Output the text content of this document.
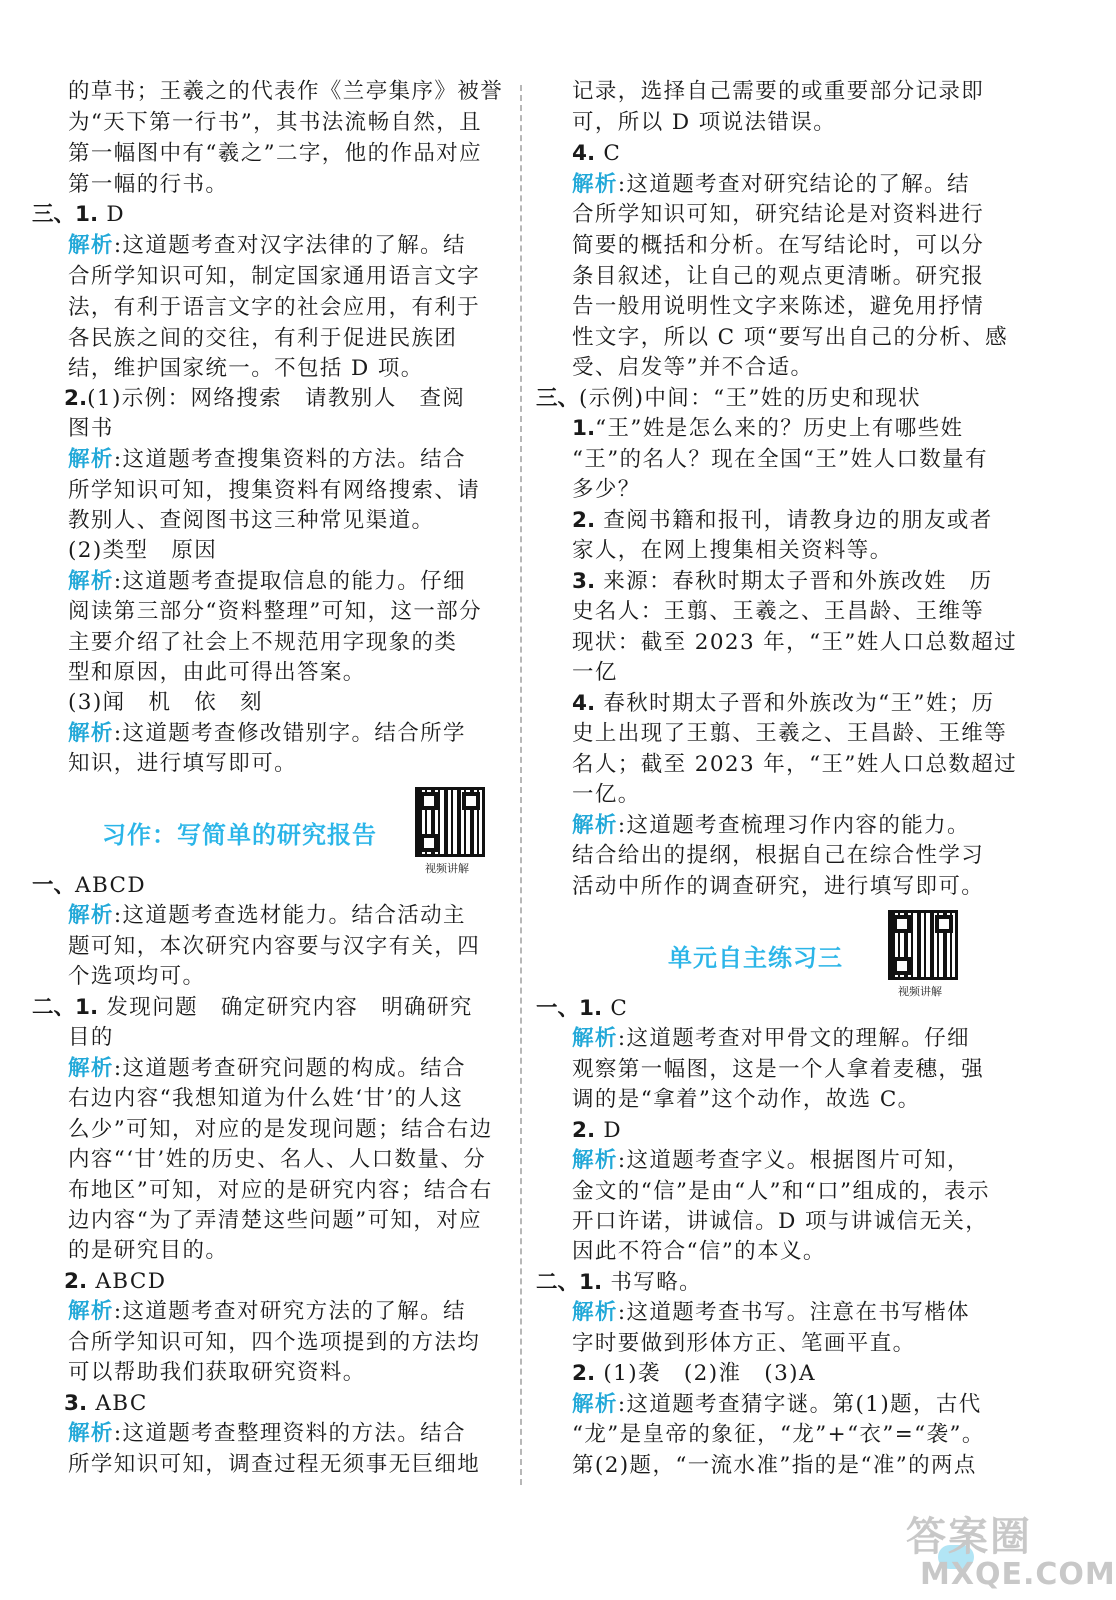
的草书；王羲之的代表作《兰亭集序》被誉
为“天下第一行书”，其书法流畅自然，且
第一幅图中有“羲之”二字，他的作品对应
第一幅的行书。
三、1. D
解析:这道题考查对汉字法律的了解。结
合所学知识可知，制定国家通用语言文字
法，有利于语言文字的社会应用，有利于
各民族之间的交往，有利于促进民族团
结，维护国家统一。不包括 D 项。
2.(1)示例：网络搜索　请教别人　查阅
图书
解析:这道题考查搜集资料的方法。结合
所学知识可知，搜集资料有网络搜索、请
教别人、查阅图书这三种常见渠道。
(2)类型　原因
解析:这道题考查提取信息的能力。仔细
阅读第三部分“资料整理”可知，这一部分
主要介绍了社会上不规范用字现象的类
型和原因，由此可得出答案。
(3)闻　机　依　刻
解析:这道题考查修改错别字。结合所学
知识，进行填写即可。
习作：写简单的研究报告
视频讲解
一、ABCD
解析:这道题考查选材能力。结合活动主
题可知，本次研究内容要与汉字有关，四
个选项均可。
二、1. 发现问题　确定研究内容　明确研究
目的
解析:这道题考查研究问题的构成。结合
右边内容“我想知道为什么姓‘甘’的人这
么少”可知，对应的是发现问题；结合右边
内容“‘甘’姓的历史、名人、人口数量、分
布地区”可知，对应的是研究内容；结合右
边内容“为了弄清楚这些问题”可知，对应
的是研究目的。
2. ABCD
解析:这道题考查对研究方法的了解。结
合所学知识可知，四个选项提到的方法均
可以帮助我们获取研究资料。
3. ABC
解析:这道题考查整理资料的方法。结合
所学知识可知，调查过程无须事无巨细地
记录，选择自己需要的或重要部分记录即
可，所以 D 项说法错误。
4. C
解析:这道题考查对研究结论的了解。结
合所学知识可知，研究结论是对资料进行
简要的概括和分析。在写结论时，可以分
条目叙述，让自己的观点更清晰。研究报
告一般用说明性文字来陈述，避免用抒情
性文字，所以 C 项“要写出自己的分析、感
受、启发等”并不合适。
三、(示例)中间：“王”姓的历史和现状
1.“王”姓是怎么来的？历史上有哪些姓
“王”的名人？现在全国“王”姓人口数量有
多少？
2. 查阅书籍和报刊，请教身边的朋友或者
家人，在网上搜集相关资料等。
3. 来源：春秋时期太子晋和外族改姓　历
史名人：王翦、王羲之、王昌龄、王维等
现状：截至 2023 年，“王”姓人口总数超过
一亿
4. 春秋时期太子晋和外族改为“王”姓；历
史上出现了王翦、王羲之、王昌龄、王维等
名人；截至 2023 年，“王”姓人口总数超过
一亿。
解析:这道题考查梳理习作内容的能力。
结合给出的提纲，根据自己在综合性学习
活动中所作的调查研究，进行填写即可。
单元自主练习三
视频讲解
一、1. C
解析:这道题考查对甲骨文的理解。仔细
观察第一幅图，这是一个人拿着麦穗，强
调的是“拿着”这个动作，故选 C。
2. D
解析:这道题考查字义。根据图片可知，
金文的“信”是由“人”和“口”组成的，表示
开口许诺，讲诚信。D 项与讲诚信无关，
因此不符合“信”的本义。
二、1. 书写略。
解析:这道题考查书写。注意在书写楷体
字时要做到形体方正、笔画平直。
2. (1)袭　(2)淮　(3)A
解析:这道题考查猜字谜。第(1)题，古代
“龙”是皇帝的象征，“龙”+“衣”=“袭”。
第(2)题，“一流水准”指的是“准”的两点
答案圈
MXQE.COM
